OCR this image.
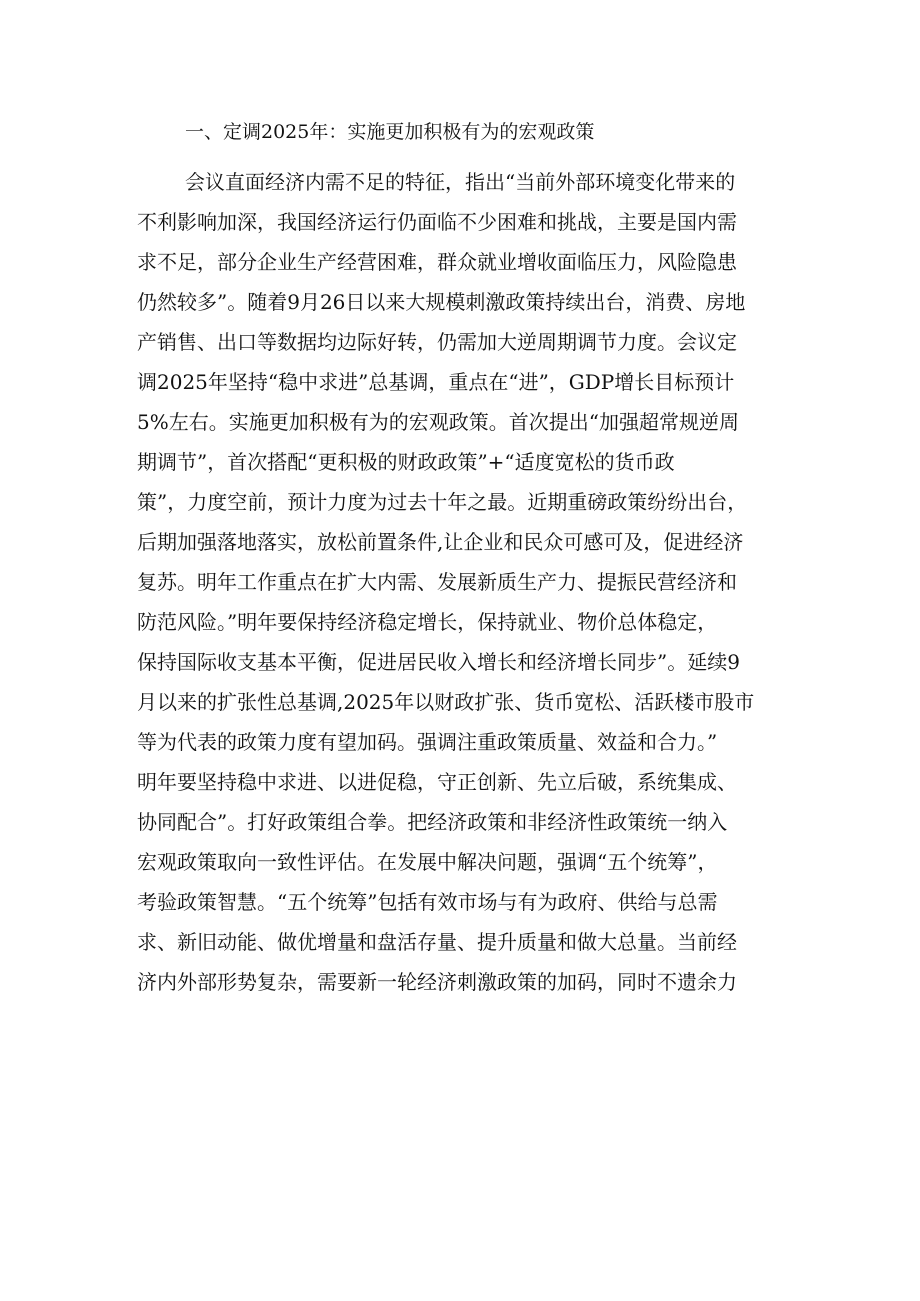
一、定调2025年：实施更加积极有为的宏观政策
会议直面经济内需不足的特征，指出“当前外部环境变化带来的
不利影响加深，我国经济运行仍面临不少困难和挑战，主要是国内需
求不足，部分企业生产经营困难，群众就业增收面临压力，风险隐患
仍然较多”。随着9月26日以来大规模刺激政策持续出台，消费、房地
产销售、出口等数据均边际好转，仍需加大逆周期调节力度。会议定
调2025年坚持“稳中求进”总基调，重点在“进”，GDP增长目标预计
5%左右。实施更加积极有为的宏观政策。首次提出“加强超常规逆周
期调节”，首次搭配“更积极的财政政策”+“适度宽松的货币政
策”，力度空前，预计力度为过去十年之最。近期重磅政策纷纷出台，
后期加强落地落实，放松前置条件,让企业和民众可感可及，促进经济
复苏。明年工作重点在扩大内需、发展新质生产力、提振民营经济和
防范风险。”明年要保持经济稳定增长，保持就业、物价总体稳定，
保持国际收支基本平衡，促进居民收入增长和经济增长同步”。延续9
月以来的扩张性总基调,2025年以财政扩张、货币宽松、活跃楼市股市
等为代表的政策力度有望加码。强调注重政策质量、效益和合力。”
明年要坚持稳中求进、以进促稳，守正创新、先立后破，系统集成、
协同配合”。打好政策组合拳。把经济政策和非经济性政策统一纳入
宏观政策取向一致性评估。在发展中解决问题，强调“五个统筹”，
考验政策智慧。“五个统筹”包括有效市场与有为政府、供给与总需
求、新旧动能、做优增量和盘活存量、提升质量和做大总量。当前经
济内外部形势复杂，需要新一轮经济刺激政策的加码，同时不遗余力
